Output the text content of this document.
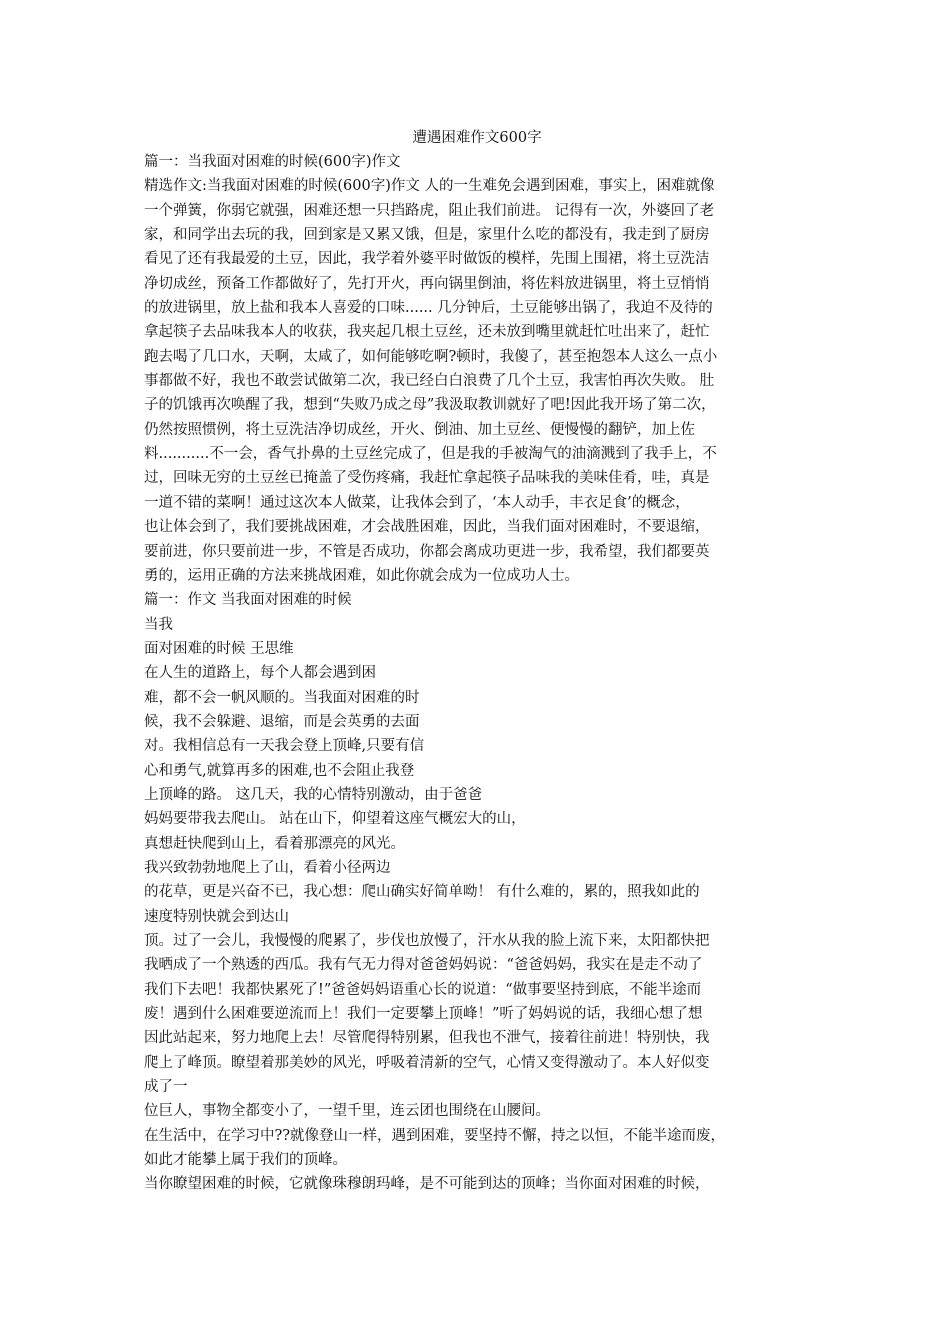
遭遇困难作文600字
篇一：当我面对困难的时候(600字)作文
精选作文:当我面对困难的时候(600字)作文 人的一生难免会遇到困难，事实上，困难就像
一个弹簧，你弱它就强，困难还想一只挡路虎，阻止我们前进。 记得有一次，外婆回了老
家，和同学出去玩的我，回到家是又累又饿，但是，家里什么吃的都没有，我走到了厨房
看见了还有我最爱的土豆，因此，我学着外婆平时做饭的模样，先围上围裙，将土豆洗洁
净切成丝，预备工作都做好了，先打开火，再向锅里倒油，将佐料放进锅里，将土豆悄悄
的放进锅里，放上盐和我本人喜爱的口味...... 几分钟后，土豆能够出锅了，我迫不及待的
拿起筷子去品味我本人的收获，我夹起几根土豆丝，还未放到嘴里就赶忙吐出来了，赶忙
跑去喝了几口水，天啊，太咸了，如何能够吃啊?顿时，我傻了，甚至抱怨本人这么一点小
事都做不好，我也不敢尝试做第二次，我已经白白浪费了几个土豆，我害怕再次失败。 肚
子的饥饿再次唤醒了我，想到“失败乃成之母”我汲取教训就好了吧!因此我开场了第二次，
仍然按照惯例，将土豆洗洁净切成丝，开火、倒油、加土豆丝、便慢慢的翻铲，加上佐
料...........不一会，香气扑鼻的土豆丝完成了，但是我的手被淘气的油滴溅到了我手上，不
过，回味无穷的土豆丝已掩盖了受伤疼痛，我赶忙拿起筷子品味我的美味佳肴，哇，真是
一道不错的菜啊！通过这次本人做菜，让我体会到了，‘本人动手，丰衣足食’的概念，
也让体会到了，我们要挑战困难，才会战胜困难，因此，当我们面对困难时，不要退缩，
要前进，你只要前进一步，不管是否成功，你都会离成功更进一步，我希望，我们都要英
勇的，运用正确的方法来挑战困难，如此你就会成为一位成功人士。
篇一：作文 当我面对困难的时候
当我
面对困难的时候 王思维
在人生的道路上，每个人都会遇到困
难，都不会一帆风顺的。当我面对困难的时
候，我不会躲避、退缩，而是会英勇的去面
对。我相信总有一天我会登上顶峰,只要有信
心和勇气,就算再多的困难,也不会阻止我登
上顶峰的路。 这几天，我的心情特别激动，由于爸爸
妈妈要带我去爬山。 站在山下，仰望着这座气概宏大的山，
真想赶快爬到山上，看着那漂亮的风光。
我兴致勃勃地爬上了山，看着小径两边
的花草，更是兴奋不已，我心想：爬山确实好简单呦！ 有什么难的，累的，照我如此的
速度特别快就会到达山
顶。过了一会儿，我慢慢的爬累了，步伐也放慢了，汗水从我的脸上流下来，太阳都快把
我晒成了一个熟透的西瓜。我有气无力得对爸爸妈妈说：“爸爸妈妈，我实在是走不动了
我们下去吧！我都快累死了!”爸爸妈妈语重心长的说道：“做事要坚持到底，不能半途而
废！遇到什么困难要逆流而上！我们一定要攀上顶峰！”听了妈妈说的话，我细心想了想
因此站起来，努力地爬上去！尽管爬得特别累，但我也不泄气，接着往前进！特别快，我
爬上了峰顶。瞭望着那美妙的风光，呼吸着清新的空气，心情又变得激动了。本人好似变
成了一
位巨人，事物全都变小了，一望千里，连云团也围绕在山腰间。
在生活中，在学习中??就像登山一样，遇到困难，要坚持不懈，持之以恒，不能半途而废，
如此才能攀上属于我们的顶峰。
当你瞭望困难的时候，它就像珠穆朗玛峰，是不可能到达的顶峰；当你面对困难的时候，
